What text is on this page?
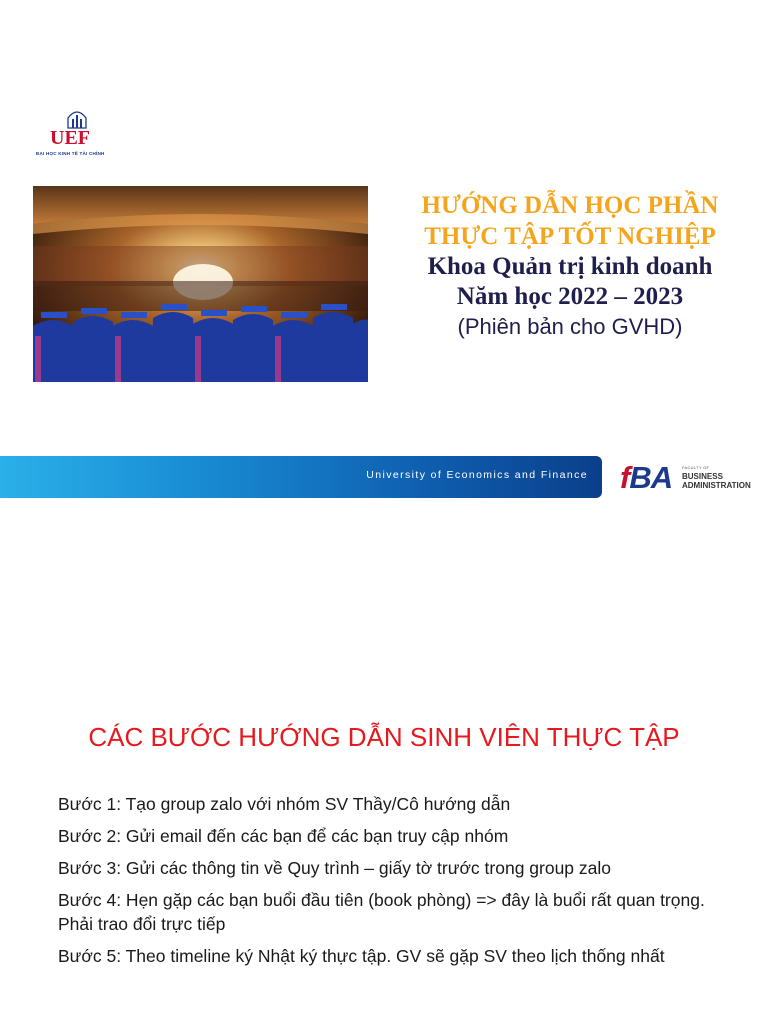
UEF
ĐẠI HỌC KINH TẾ TÀI CHÍNH

HƯỚNG DẪN HỌC PHẦN

THỰC TẬP TỐT NGHIỆP

Khoa Quản trị kinh doanh

Năm học 2022 – 2023

(Phiên bản cho GVHD)

University of Economics and Finance fBA FACULTY OF
BUSINESS
ADMINISTRATION

CÁC BƯỚC HƯỚNG DẪN SINH VIÊN THỰC TẬP

Bước 1: Tạo group zalo với nhóm SV Thầy/Cô hướng dẫn
Bước 2: Gửi email đến các bạn để các bạn truy cập nhóm
Bước 3: Gửi các thông tin về Quy trình – giấy tờ trước trong group zalo
Bước 4: Hẹn gặp các bạn buổi đầu tiên (book phòng) => đây là buổi rất quan trọng. Phải trao đổi trực tiếp
Bước 5: Theo timeline ký Nhật ký thực tập. GV sẽ gặp SV theo lịch thống nhất
